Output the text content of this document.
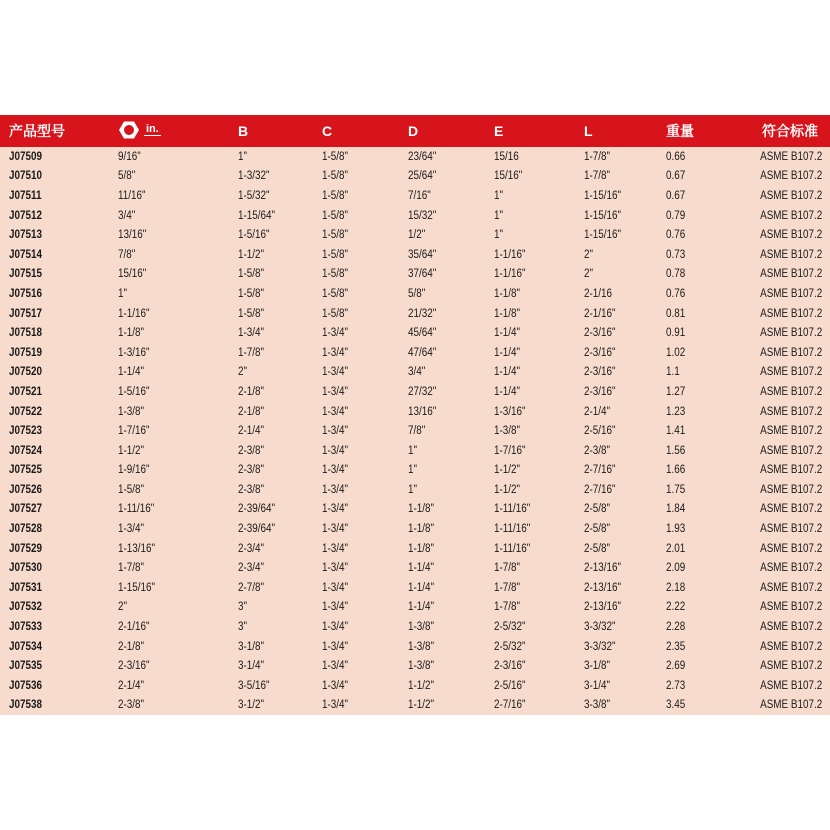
产品型号	in.	B	C	D	E	L	重量	符合标准
J07509	9/16"	1"	1-5/8"	23/64"	15/16	1-7/8"	0.66	ASME B107.2
J07510	5/8"	1-3/32"	1-5/8"	25/64"	15/16"	1-7/8"	0.67	ASME B107.2
J07511	11/16"	1-5/32"	1-5/8"	7/16"	1"	1-15/16"	0.67	ASME B107.2
J07512	3/4"	1-15/64"	1-5/8"	15/32"	1"	1-15/16"	0.79	ASME B107.2
J07513	13/16"	1-5/16"	1-5/8"	1/2"	1"	1-15/16"	0.76	ASME B107.2
J07514	7/8"	1-1/2"	1-5/8"	35/64"	1-1/16"	2"	0.73	ASME B107.2
J07515	15/16"	1-5/8"	1-5/8"	37/64"	1-1/16"	2"	0.78	ASME B107.2
J07516	1"	1-5/8"	1-5/8"	5/8"	1-1/8"	2-1/16	0.76	ASME B107.2
J07517	1-1/16"	1-5/8"	1-5/8"	21/32"	1-1/8"	2-1/16"	0.81	ASME B107.2
J07518	1-1/8"	1-3/4"	1-3/4"	45/64"	1-1/4"	2-3/16"	0.91	ASME B107.2
J07519	1-3/16"	1-7/8"	1-3/4"	47/64"	1-1/4"	2-3/16"	1.02	ASME B107.2
J07520	1-1/4"	2"	1-3/4"	3/4"	1-1/4"	2-3/16"	1.1	ASME B107.2
J07521	1-5/16"	2-1/8"	1-3/4"	27/32"	1-1/4"	2-3/16"	1.27	ASME B107.2
J07522	1-3/8"	2-1/8"	1-3/4"	13/16"	1-3/16"	2-1/4"	1.23	ASME B107.2
J07523	1-7/16"	2-1/4"	1-3/4"	7/8"	1-3/8"	2-5/16"	1.41	ASME B107.2
J07524	1-1/2"	2-3/8"	1-3/4"	1"	1-7/16"	2-3/8"	1.56	ASME B107.2
J07525	1-9/16"	2-3/8"	1-3/4"	1"	1-1/2"	2-7/16"	1.66	ASME B107.2
J07526	1-5/8"	2-3/8"	1-3/4"	1"	1-1/2"	2-7/16"	1.75	ASME B107.2
J07527	1-11/16"	2-39/64"	1-3/4"	1-1/8"	1-11/16"	2-5/8"	1.84	ASME B107.2
J07528	1-3/4"	2-39/64"	1-3/4"	1-1/8"	1-11/16"	2-5/8"	1.93	ASME B107.2
J07529	1-13/16"	2-3/4"	1-3/4"	1-1/8"	1-11/16"	2-5/8"	2.01	ASME B107.2
J07530	1-7/8"	2-3/4"	1-3/4"	1-1/4"	1-7/8"	2-13/16"	2.09	ASME B107.2
J07531	1-15/16"	2-7/8"	1-3/4"	1-1/4"	1-7/8"	2-13/16"	2.18	ASME B107.2
J07532	2"	3"	1-3/4"	1-1/4"	1-7/8"	2-13/16"	2.22	ASME B107.2
J07533	2-1/16"	3"	1-3/4"	1-3/8"	2-5/32"	3-3/32"	2.28	ASME B107.2
J07534	2-1/8"	3-1/8"	1-3/4"	1-3/8"	2-5/32"	3-3/32"	2.35	ASME B107.2
J07535	2-3/16"	3-1/4"	1-3/4"	1-3/8"	2-3/16"	3-1/8"	2.69	ASME B107.2
J07536	2-1/4"	3-5/16"	1-3/4"	1-1/2"	2-5/16"	3-1/4"	2.73	ASME B107.2
J07538	2-3/8"	3-1/2"	1-3/4"	1-1/2"	2-7/16"	3-3/8"	3.45	ASME B107.2
